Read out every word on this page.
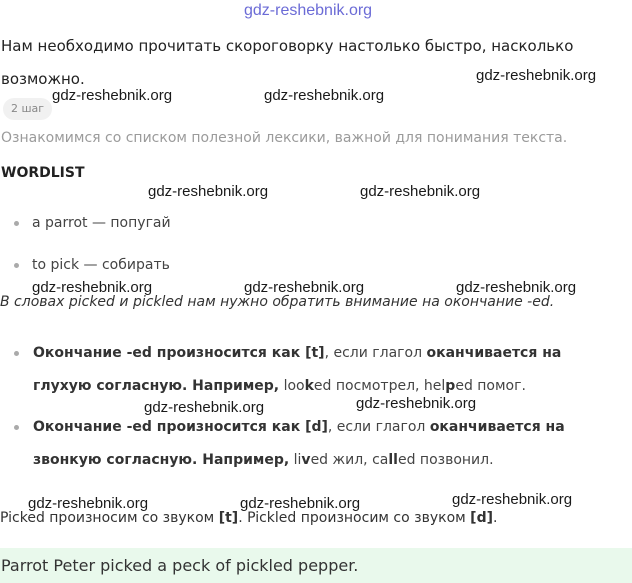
gdz-reshebnik.org
gdz-reshebnik.org
gdz-reshebnik.org	gdz-reshebnik.org
gdz-reshebnik.org	gdz-reshebnik.org
gdz-reshebnik.org	gdz-reshebnik.org	gdz-reshebnik.org
gdz-reshebnik.org	gdz-reshebnik.org
gdz-reshebnik.org	gdz-reshebnik.org	gdz-reshebnik.org
Нам необходимо прочитать скороговорку настолько быстро, насколько возможно.
2 шаг
Ознакомимся со списком полезной лексики, важной для понимания текста.
WORDLIST
a parrot — попугай
to pick — собирать
В словах picked и pickled нам нужно обратить внимание на окончание -ed.
Окончание -ed произносится как [t], если глагол оканчивается на глухую согласную. Например, looked посмотрел, helped помог.
Окончание -ed произносится как [d], если глагол оканчивается на звонкую согласную. Например, lived жил, called позвонил.
Picked произносим со звуком [t]. Pickled произносим со звуком [d].
Parrot Peter picked a peck of pickled pepper.
